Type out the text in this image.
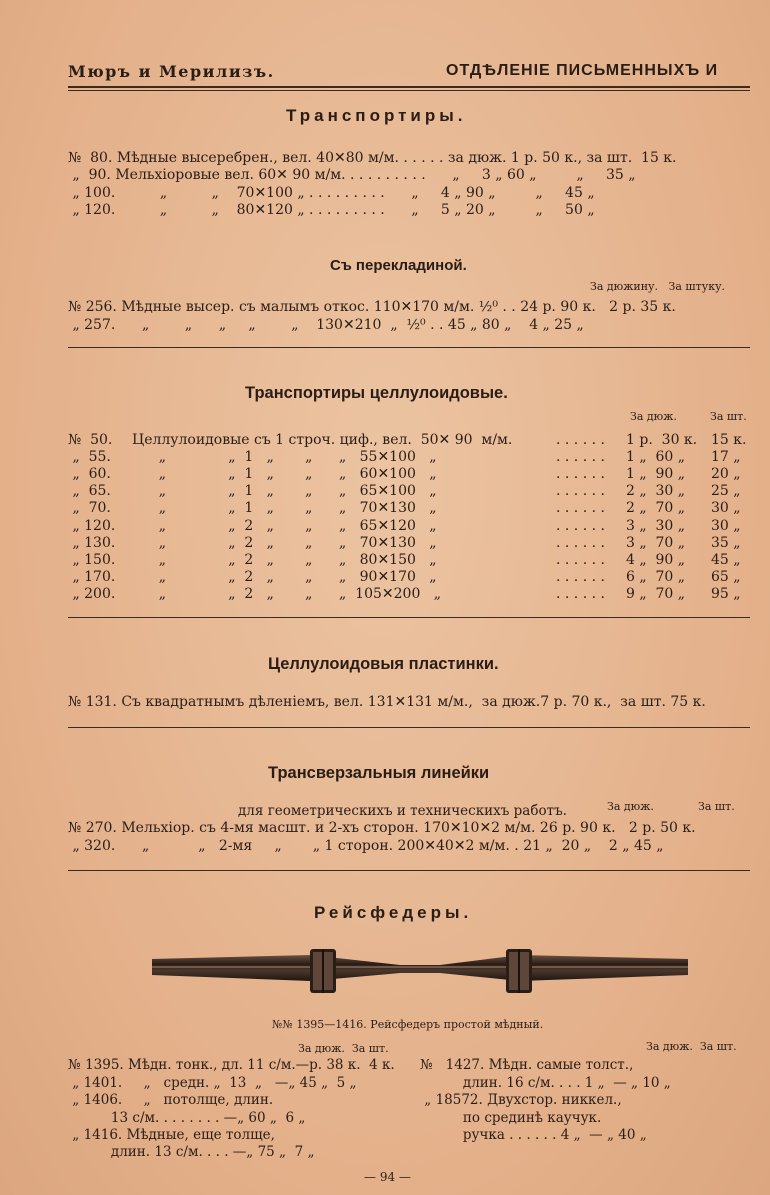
Мюръ и Мерилизъ.	ОТДѢЛЕНІЕ ПИСЬМЕННЫХЪ И
Транспортиры.
№  80. Мѣдные высеребрен., вел. 40✕80 м/м. . . . . . за дюж. 1 р. 50 к., за шт.  15 к.
„  90. Мельхіоровые вел. 60✕ 90 м/м. . . . . . . . . .      „     3 „ 60 „         „     35 „
„ 100.          „          „    70✕100 „ . . . . . . . . .      „     4 „ 90 „         „     45 „
„ 120.          „          „    80✕120 „ . . . . . . . . .      „     5 „ 20 „         „     50 „
Съ перекладиной.
За дюжину.   За штуку.
№ 256. Мѣдные высер. съ малымъ откос. 110✕170 м/м. ½⁰ . . 24 р. 90 к.   2 р. 35 к.
„ 257.      „        „      „     „        „    130✕210  „  ½⁰ . . 45 „ 80 „    4 „ 25 „
Транспортиры целлулоидовые.
За дюж.	За шт.
№  50. Целлулоидовые съ 1 строч. циф., вел.  50✕ 90  м/м.	1 р.  30 к. 15 к.
. . . . . .
„  55. „              „  1   „       „      „   55✕100   „	1 „  60 „ 17 „
. . . . . .
„  60. „              „  1   „       „      „   60✕100   „	1 „  90 „ 20 „
. . . . . .
„  65. „              „  1   „       „      „   65✕100   „	2 „  30 „ 25 „
. . . . . .
„  70. „              „  1   „       „      „   70✕130   „	2 „  70 „ 30 „
. . . . . .
„ 120. „              „  2   „       „      „   65✕120   „	3 „  30 „ 30 „
. . . . . .
„ 130. „              „  2   „       „      „   70✕130   „	3 „  70 „ 35 „
. . . . . .
„ 150. „              „  2   „       „      „   80✕150   „	4 „  90 „ 45 „
. . . . . .
„ 170. „              „  2   „       „      „   90✕170   „	6 „  70 „ 65 „
. . . . . .
„ 200. „              „  2   „       „      „  105✕200   „	9 „  70 „ 95 „
. . . . . .
Целлулоидовыя пластинки.
№ 131. Съ квадратнымъ дѣленіемъ, вел. 131✕131 м/м.,  за дюж.7 р. 70 к.,  за шт. 75 к.
Трансверзальныя линейки
для геометрическихъ и техническихъ работъ.	За дюж.	За шт.
№ 270. Мельхіор. съ 4-мя масшт. и 2-хъ сторон. 170✕10✕2 м/м. 26 р. 90 к.   2 р. 50 к.
„ 320.      „           „   2-мя     „       „ 1 сторон. 200✕40✕2 м/м. . 21 „  20 „    2 „ 45 „
Рейсфедеры.
№№ 1395—1416. Рейсфедеръ простой мѣдный.
За дюж.  За шт.	За дюж.  За шт.
№ 1395. Мѣдн. тонк., дл. 11 с/м.—р. 38 к.  4 к.
„ 1401.     „   средн. „  13  „   —„ 45 „  5 „
„ 1406.     „   потолще, длин.
13 с/м. . . . . . . . —„ 60 „  6 „
„ 1416. Мѣдные, еще толще,
длин. 13 с/м. . . . —„ 75 „  7 „
№   1427. Мѣдн. самые толст.,
длин. 16 с/м. . . . 1 „  — „ 10 „
„ 18572. Двухстор. никкел.,
по срединѣ каучук.
ручка . . . . . . 4 „  — „ 40 „
— 94 —
